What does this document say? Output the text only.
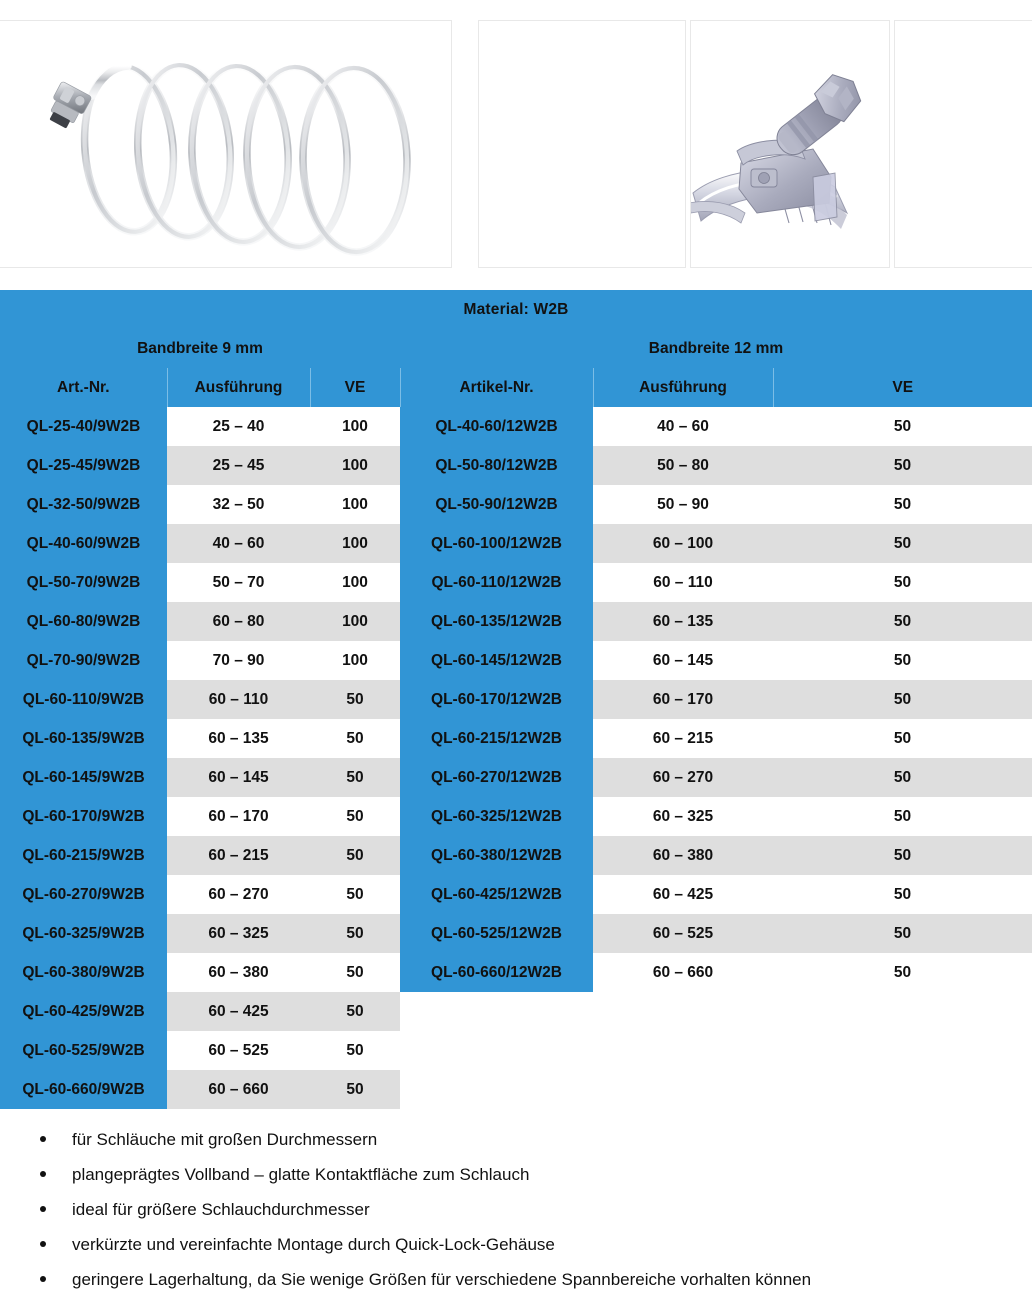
Material: W2B					
Bandbreite 9 mm			Bandbreite 12 mm		
Art.-Nr.	Ausführung	VE	Artikel-Nr.	Ausführung	VE
QL-25-40/9W2B	25 – 40	100	QL-40-60/12W2B	40 – 60	50
QL-25-45/9W2B	25 – 45	100	QL-50-80/12W2B	50 – 80	50
QL-32-50/9W2B	32 – 50	100	QL-50-90/12W2B	50 – 90	50
QL-40-60/9W2B	40 – 60	100	QL-60-100/12W2B	60 – 100	50
QL-50-70/9W2B	50 – 70	100	QL-60-110/12W2B	60 – 110	50
QL-60-80/9W2B	60 – 80	100	QL-60-135/12W2B	60 – 135	50
QL-70-90/9W2B	70 – 90	100	QL-60-145/12W2B	60 – 145	50
QL-60-110/9W2B	60 – 110	50	QL-60-170/12W2B	60 – 170	50
QL-60-135/9W2B	60 – 135	50	QL-60-215/12W2B	60 – 215	50
QL-60-145/9W2B	60 – 145	50	QL-60-270/12W2B	60 – 270	50
QL-60-170/9W2B	60 – 170	50	QL-60-325/12W2B	60 – 325	50
QL-60-215/9W2B	60 – 215	50	QL-60-380/12W2B	60 – 380	50
QL-60-270/9W2B	60 – 270	50	QL-60-425/12W2B	60 – 425	50
QL-60-325/9W2B	60 – 325	50	QL-60-525/12W2B	60 – 525	50
QL-60-380/9W2B	60 – 380	50	QL-60-660/12W2B	60 – 660	50
QL-60-425/9W2B	60 – 425	50			
QL-60-525/9W2B	60 – 525	50			
QL-60-660/9W2B	60 – 660	50			
für Schläuche mit großen Durchmessern
plangeprägtes Vollband – glatte Kontaktfläche zum Schlauch
ideal für größere Schlauchdurchmesser
verkürzte und vereinfachte Montage durch Quick-Lock-Gehäuse
geringere Lagerhaltung, da Sie wenige Größen für verschiedene Spannbereiche vorhalten können
